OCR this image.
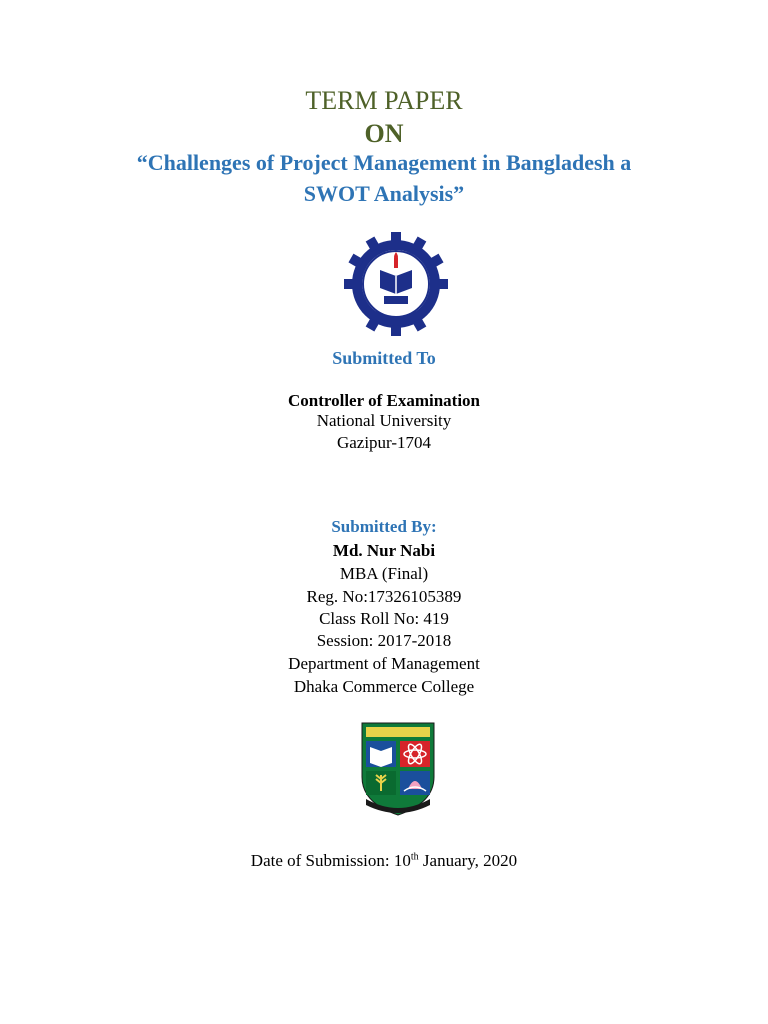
TERM PAPER
ON
“Challenges of Project Management in Bangladesh a
SWOT Analysis”
Submitted To
Controller of Examination
National University
Gazipur-1704
Submitted By:
Md. Nur Nabi
MBA (Final)
Reg. No:17326105389
Class Roll No: 419
Session: 2017-2018
Department of Management
Dhaka Commerce College
Date of Submission: 10th January, 2020
